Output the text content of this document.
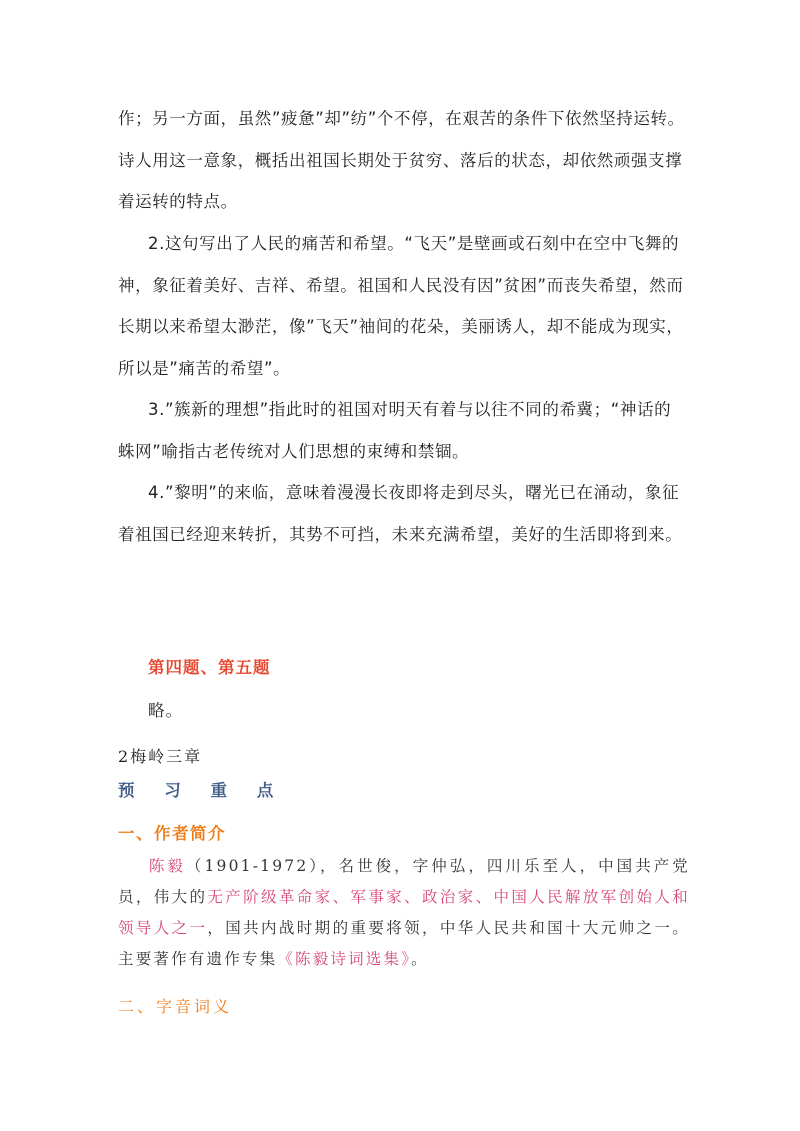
作；另一方面，虽然”疲惫”却”纺”个不停，在艰苦的条件下依然坚持运转。诗人用这一意象，概括出祖国长期处于贫穷、落后的状态，却依然顽强支撑着运转的特点。

2.这句写出了人民的痛苦和希望。“飞天”是壁画或石刻中在空中飞舞的神，象征着美好、吉祥、希望。祖国和人民没有因”贫困”而丧失希望，然而长期以来希望太渺茫，像”飞天”袖间的花朵，美丽诱人，却不能成为现实，所以是”痛苦的希望”。

3.”簇新的理想”指此时的祖国对明天有着与以往不同的希冀；“神话的蛛网”喻指古老传统对人们思想的束缚和禁锢。

4.”黎明”的来临，意味着漫漫长夜即将走到尽头，曙光已在涌动，象征着祖国已经迎来转折，其势不可挡，未来充满希望，美好的生活即将到来。

第四题、第五题
略。
2梅岭三章
预 习 重 点
一、作者简介
陈毅（1901-1972），名世俊，字仲弘，四川乐至人，中国共产党员，伟大的无产阶级革命家、军事家、政治家、中国人民解放军创始人和领导人之一，国共内战时期的重要将领，中华人民共和国十大元帅之一。主要著作有遗作专集《陈毅诗词选集》。
二、字音词义
